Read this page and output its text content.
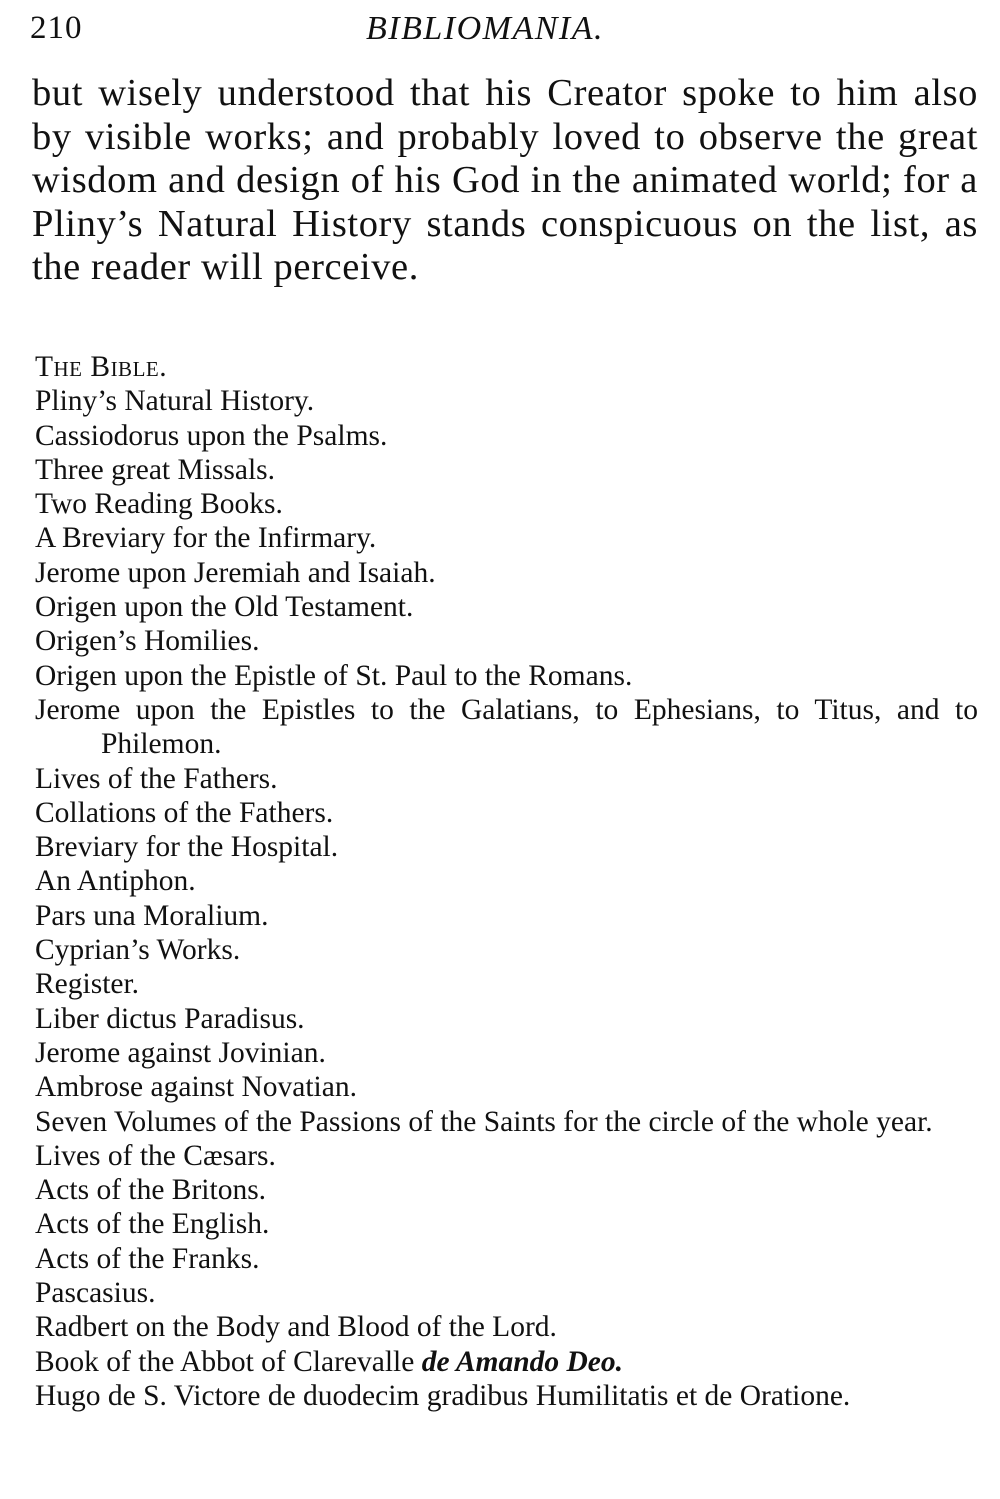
210	BIBLIOMANIA.

but wisely understood that his Creator spoke to him also by visible works; and probably loved to observe the great wisdom and design of his God in the animated world; for a Pliny’s Natural History stands conspicuous on the list, as the reader will perceive.

The Bible.
Pliny’s Natural History.
Cassiodorus upon the Psalms.
Three great Missals.
Two Reading Books.
A Breviary for the Infirmary.
Jerome upon Jeremiah and Isaiah.
Origen upon the Old Testament.
Origen’s Homilies.
Origen upon the Epistle of St. Paul to the Romans.
Jerome upon the Epistles to the Galatians, to Ephesians, to Titus, and to Philemon.
Lives of the Fathers.
Collations of the Fathers.
Breviary for the Hospital.
An Antiphon.
Pars una Moralium.
Cyprian’s Works.
Register.
Liber dictus Paradisus.
Jerome against Jovinian.
Ambrose against Novatian.
Seven Volumes of the Passions of the Saints for the circle of the whole year.
Lives of the Cæsars.
Acts of the Britons.
Acts of the English.
Acts of the Franks.
Pascasius.
Radbert on the Body and Blood of the Lord.
Book of the Abbot of Clarevalle de Amando Deo.
Hugo de S. Victore de duodecim gradibus Humilitatis et de Oratione.
